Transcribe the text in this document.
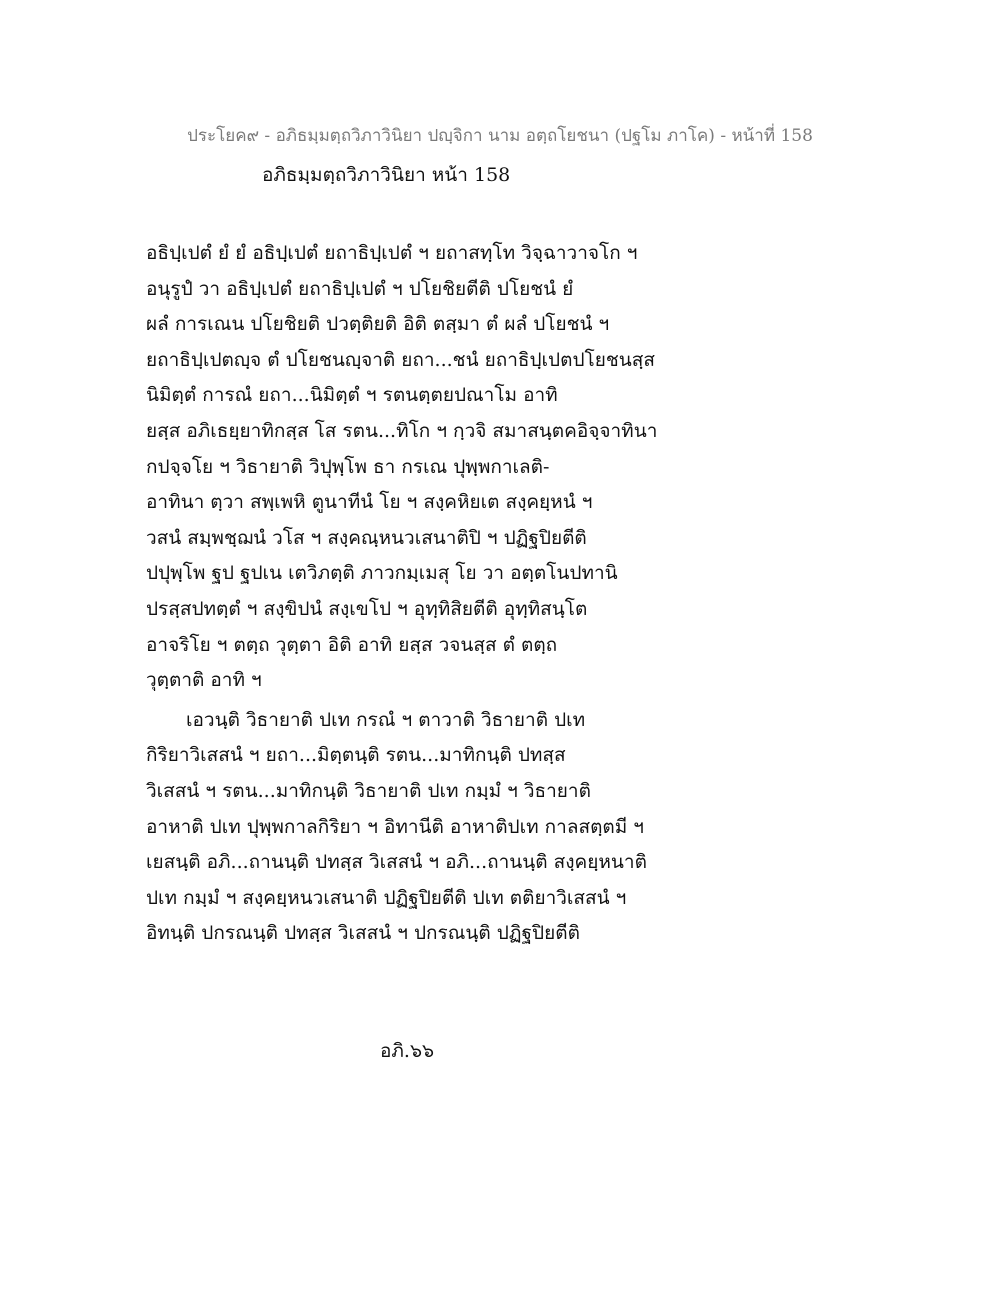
ประโยค๙ - อภิธมฺมตฺถวิภาวินิยา ปญฺจิกา นาม อตฺถโยชนา (ปฐโม ภาโค) - หน้าที่ 158
อภิธมฺมตฺถวิภาวินิยา หน้า 158
อธิปฺเปตํ ยํ ยํ อธิปฺเปตํ ยถาธิปฺเปตํ ฯ ยถาสทฺโท วิจฺฉาวาจโก ฯ
อนุรูปํ วา อธิปฺเปตํ ยถาธิปฺเปตํ ฯ ปโยชิยตีติ ปโยชนํ ยํ
ผลํ การเณน ปโยชิยติ ปวตฺติยติ อิติ ตสฺมา ตํ ผลํ ปโยชนํ ฯ
ยถาธิปฺเปตญฺจ ตํ ปโยชนญฺจาติ ยถา...ชนํ ยถาธิปฺเปตปโยชนสฺส
นิมิตฺตํ การณํ ยถา...นิมิตฺตํ ฯ รตนตฺตยปณาโม อาทิ
ยสฺส อภิเธยฺยาทิกสฺส โส รตน...ทิโก ฯ กฺวจิ สมาสนฺตคอิจฺจาทินา
กปจฺจโย ฯ วิธายาติ วิปุพฺโพ ธา กรเณ ปุพฺพกาเลติ-
อาทินา ตฺวา สพฺเพหิ ตูนาทีนํ โย ฯ สงฺคหิยเต สงฺคยฺหนํ ฯ
วสนํ สมฺพชฺฌนํ วโส ฯ สงฺคณฺหนวเสนาติปิ ฯ ปฏิฐปิยตีติ
ปปุพฺโพ ฐป ฐปเน เตวิภตฺติ ภาวกมฺเมสุ โย วา อตฺตโนปทานิ
ปรสฺสปทตฺตํ ฯ สงฺขิปนํ สงฺเขโป ฯ อุทฺทิสิยตีติ อุทฺทิสนฺโต
อาจริโย ฯ ตตฺถ วุตฺตา อิติ อาทิ ยสฺส วจนสฺส ตํ ตตฺถ
วุตฺตาติ อาทิ ฯ
เอวนฺติ วิธายาติ ปเท กรณํ ฯ ตาวาติ วิธายาติ ปเท
กิริยาวิเสสนํ ฯ ยถา...มิตฺตนฺติ รตน...มาทิกนฺติ ปทสฺส
วิเสสนํ ฯ รตน...มาทิกนฺติ วิธายาติ ปเท กมฺมํ ฯ วิธายาติ
อาหาติ ปเท ปุพฺพกาลกิริยา ฯ อิทานีติ อาหาติปเท กาลสตฺตมี ฯ
เยสนฺติ อภิ...ถานนฺติ ปทสฺส วิเสสนํ ฯ อภิ...ถานนฺติ สงฺคยฺหนาติ
ปเท กมฺมํ ฯ สงฺคยฺหนวเสนาติ ปฏิฐปิยตีติ ปเท ตติยาวิเสสนํ ฯ
อิทนฺติ ปกรณนฺติ ปทสฺส วิเสสนํ ฯ ปกรณนฺติ ปฏิฐปิยตีติ
อภิ.๖๖
